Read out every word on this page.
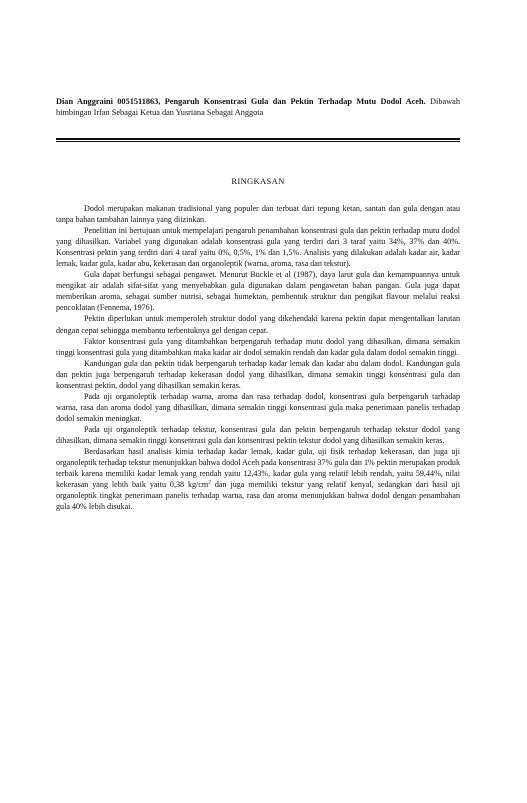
Dian Anggraini 0051511863, Pengaruh Konsentrasi Gula dan Pektin Terhadap Mutu Dodol Aceh. Dibawah bimbingan Irfan Sebagai Ketua dan Yusriana Sebagai Anggota
RINGKASAN

Dodol merupakan makanan tradisional yang populer dan terbuat dari tepung ketan, santan dan gula dengan atau tanpa bahan tambahan lainnya yang diizinkan.

Penelitian ini bertujuan untuk mempelajari pengaruh penambahan konsentrasi gula dan pektin terhadap mutu dodol yang dihasilkan. Variabel yang digunakan adalah konsentrasi gula yang terdiri dari 3 taraf yaitu 34%, 37% dan 40%. Konsentrasi pektin yang terdiri dari 4 taraf yaitu 0%, 0,5%, 1% dan 1,5%. Analisis yang dilakukan adalah kadar air, kadar lemak, kadar gula, kadar abu, kekerasan dan organoleptik (warna, aroma, rasa dan tekstur).

Gula dapat berfungsi sebagai pengawet. Menurut Buckle et al (1987), daya larut gula dan kemampuannya untuk mengikat air adalah sifat-sifat yang menyebabkan gula digunakan dalam pengawetan bahan pangan. Gula juga dapat memberikan aroma, sebagai sumber nutrisi, sebagai humektan, pembentuk struktur dan pengikat flavour melalui reaksi pencoklatan (Fennema, 1976).

Pektin diperlukan untuk memperoleh struktur dodol yang dikehendaki karena pektin dapat mengentalkan larutan dengan cepat sehingga membantu terbentuknya gel dengan cepat.

Faktor konsentrasi gula yang ditambahkan berpengaruh terhadap mutu dodol yang dihasilkan, dimana semakin tinggi konsentrasi gula yang ditambahkan maka kadar air dodol semakin rendah dan kadar gula dalam dodol semakin tinggi.

Kandungan gula dan pektin tidak berpengaruh terhadap kadar lemak dan kadar abu dalam dodol. Kandungan gula dan pektin juga berpengaruh terhadap kekerasan dodol yang dihasilkan, dimana semakin tinggi konsentrasi gula dan konsentrasi pektin, dodol yang dihasilkan semakin keras.

Pada uji organoleptik terhadap warna, aroma dan rasa terhadap dodol, konsentrasi gula berpengaruh tarhadap warna, rasa dan aroma dodol yang dihasilkan, dimana semakin tinggi konsentrasi gula maka penerimaan panelis terhadap dodol semakin meningkat.

Pada uji organoleptik terhadap tekstur, konsentrasi gula dan pektin berpengaruh terhadap tekstur dodol yang dihasilkan, dimana semakin tinggi konsentrasi gula dan konsentrasi pektin tekstur dodol yang dihasilkan semakin keras.

Berdasarkan hasil analisis kimia terhadap kadar lemak, kadar gula, uji fisik terhadap kekerasan, dan juga uji organoleptik terhadap tekstur menunjukkan bahwa dodol Aceh pada konsentrasi 37% gula dan 1% pektin merupakan produk terbaik karena memiliki kadar lemak yang rendah yaitu 12,43%, kadar gula yang relatif lebih rendah, yaitu 59,44%, nilai kekerasan yang lebih baik yaitu 0,38 $kg/cm^2$ dan juga memiliki tekstur yang relatif kenyal, sedangkan dari hasil uji organoleptik tingkat penerimaan panelis terhadap warna, rasa dan aroma menunjukkan bahwa dodol dengan penambahan gula 40% lebih disukai.
